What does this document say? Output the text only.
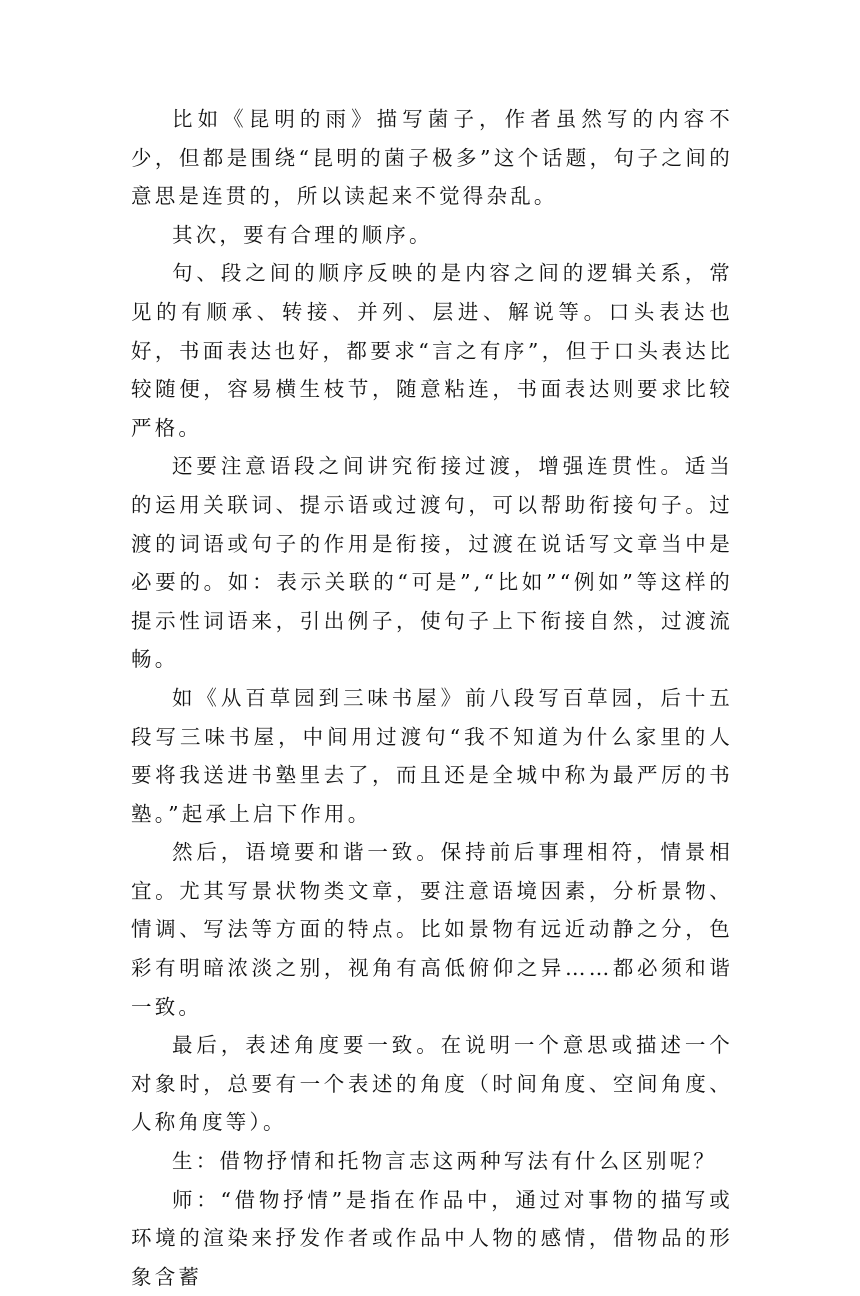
比如《昆明的雨》描写菌子，作者虽然写的内容不少，但都是围绕“昆明的菌子极多”这个话题，句子之间的意思是连贯的，所以读起来不觉得杂乱。

其次，要有合理的顺序。

句、段之间的顺序反映的是内容之间的逻辑关系，常见的有顺承、转接、并列、层进、解说等。口头表达也好，书面表达也好，都要求“言之有序”，但于口头表达比较随便，容易横生枝节，随意粘连，书面表达则要求比较严格。

还要注意语段之间讲究衔接过渡，增强连贯性。适当的运用关联词、提示语或过渡句，可以帮助衔接句子。过渡的词语或句子的作用是衔接，过渡在说话写文章当中是必要的。如：表示关联的“可是”,“比如”“例如”等这样的提示性词语来，引出例子，使句子上下衔接自然，过渡流畅。

如《从百草园到三味书屋》前八段写百草园，后十五段写三味书屋，中间用过渡句“我不知道为什么家里的人要将我送进书塾里去了，而且还是全城中称为最严厉的书塾。”起承上启下作用。

然后，语境要和谐一致。保持前后事理相符，情景相宜。尤其写景状物类文章，要注意语境因素，分析景物、情调、写法等方面的特点。比如景物有远近动静之分，色彩有明暗浓淡之别，视角有高低俯仰之异……都必须和谐一致。

最后，表述角度要一致。在说明一个意思或描述一个对象时，总要有一个表述的角度（时间角度、空间角度、人称角度等）。

生：借物抒情和托物言志这两种写法有什么区别呢？

师：“借物抒情”是指在作品中，通过对事物的描写或环境的渲染来抒发作者或作品中人物的感情，借物品的形象含蓄
